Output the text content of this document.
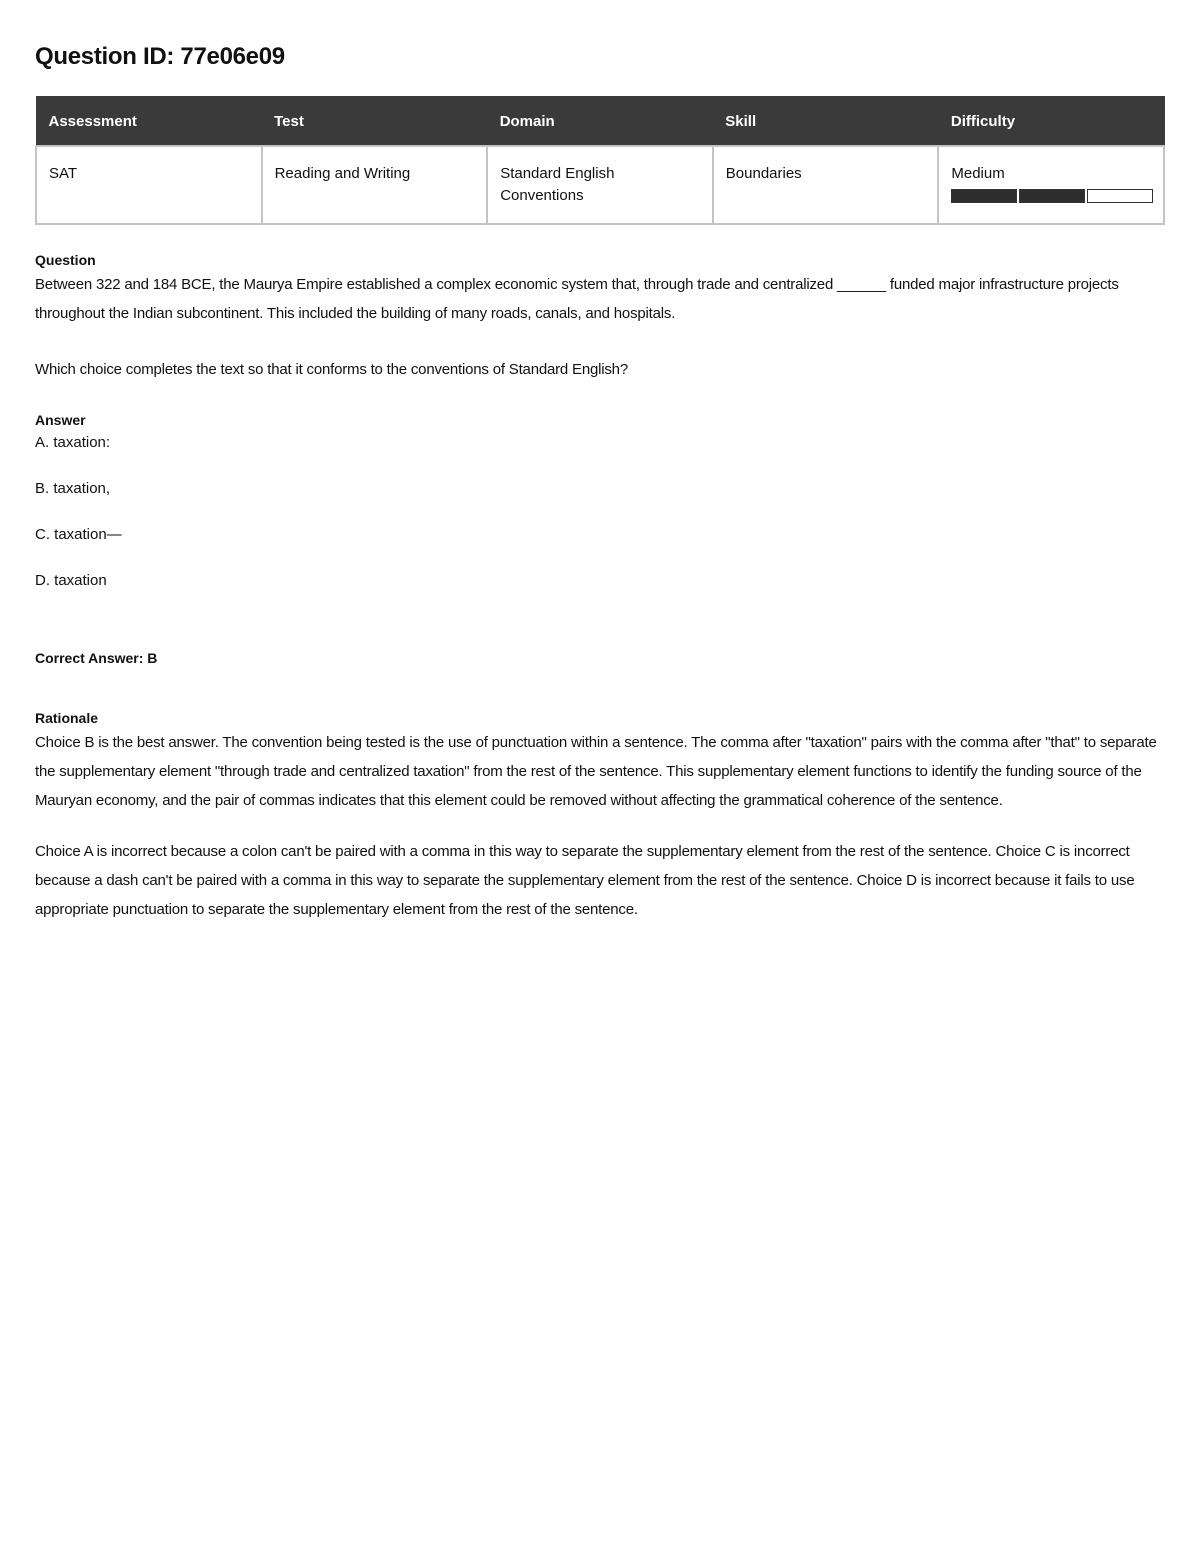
Question ID: 77e06e09
Assessment	Test	Domain	Skill	Difficulty
SAT	Reading and Writing	Standard English Conventions	Boundaries	Medium

Question

Between 322 and 184 BCE, the Maurya Empire established a complex economic system that, through trade and centralized ______ funded major infrastructure projects throughout the Indian subcontinent. This included the building of many roads, canals, and hospitals.

Which choice completes the text so that it conforms to the conventions of Standard English?

Answer

A. taxation:

B. taxation,

C. taxation—

D. taxation

Correct Answer: B

Rationale

Choice B is the best answer. The convention being tested is the use of punctuation within a sentence. The comma after "taxation" pairs with the comma after "that" to separate the supplementary element "through trade and centralized taxation" from the rest of the sentence. This supplementary element functions to identify the funding source of the Mauryan economy, and the pair of commas indicates that this element could be removed without affecting the grammatical coherence of the sentence.

Choice A is incorrect because a colon can't be paired with a comma in this way to separate the supplementary element from the rest of the sentence. Choice C is incorrect because a dash can't be paired with a comma in this way to separate the supplementary element from the rest of the sentence. Choice D is incorrect because it fails to use appropriate punctuation to separate the supplementary element from the rest of the sentence.
